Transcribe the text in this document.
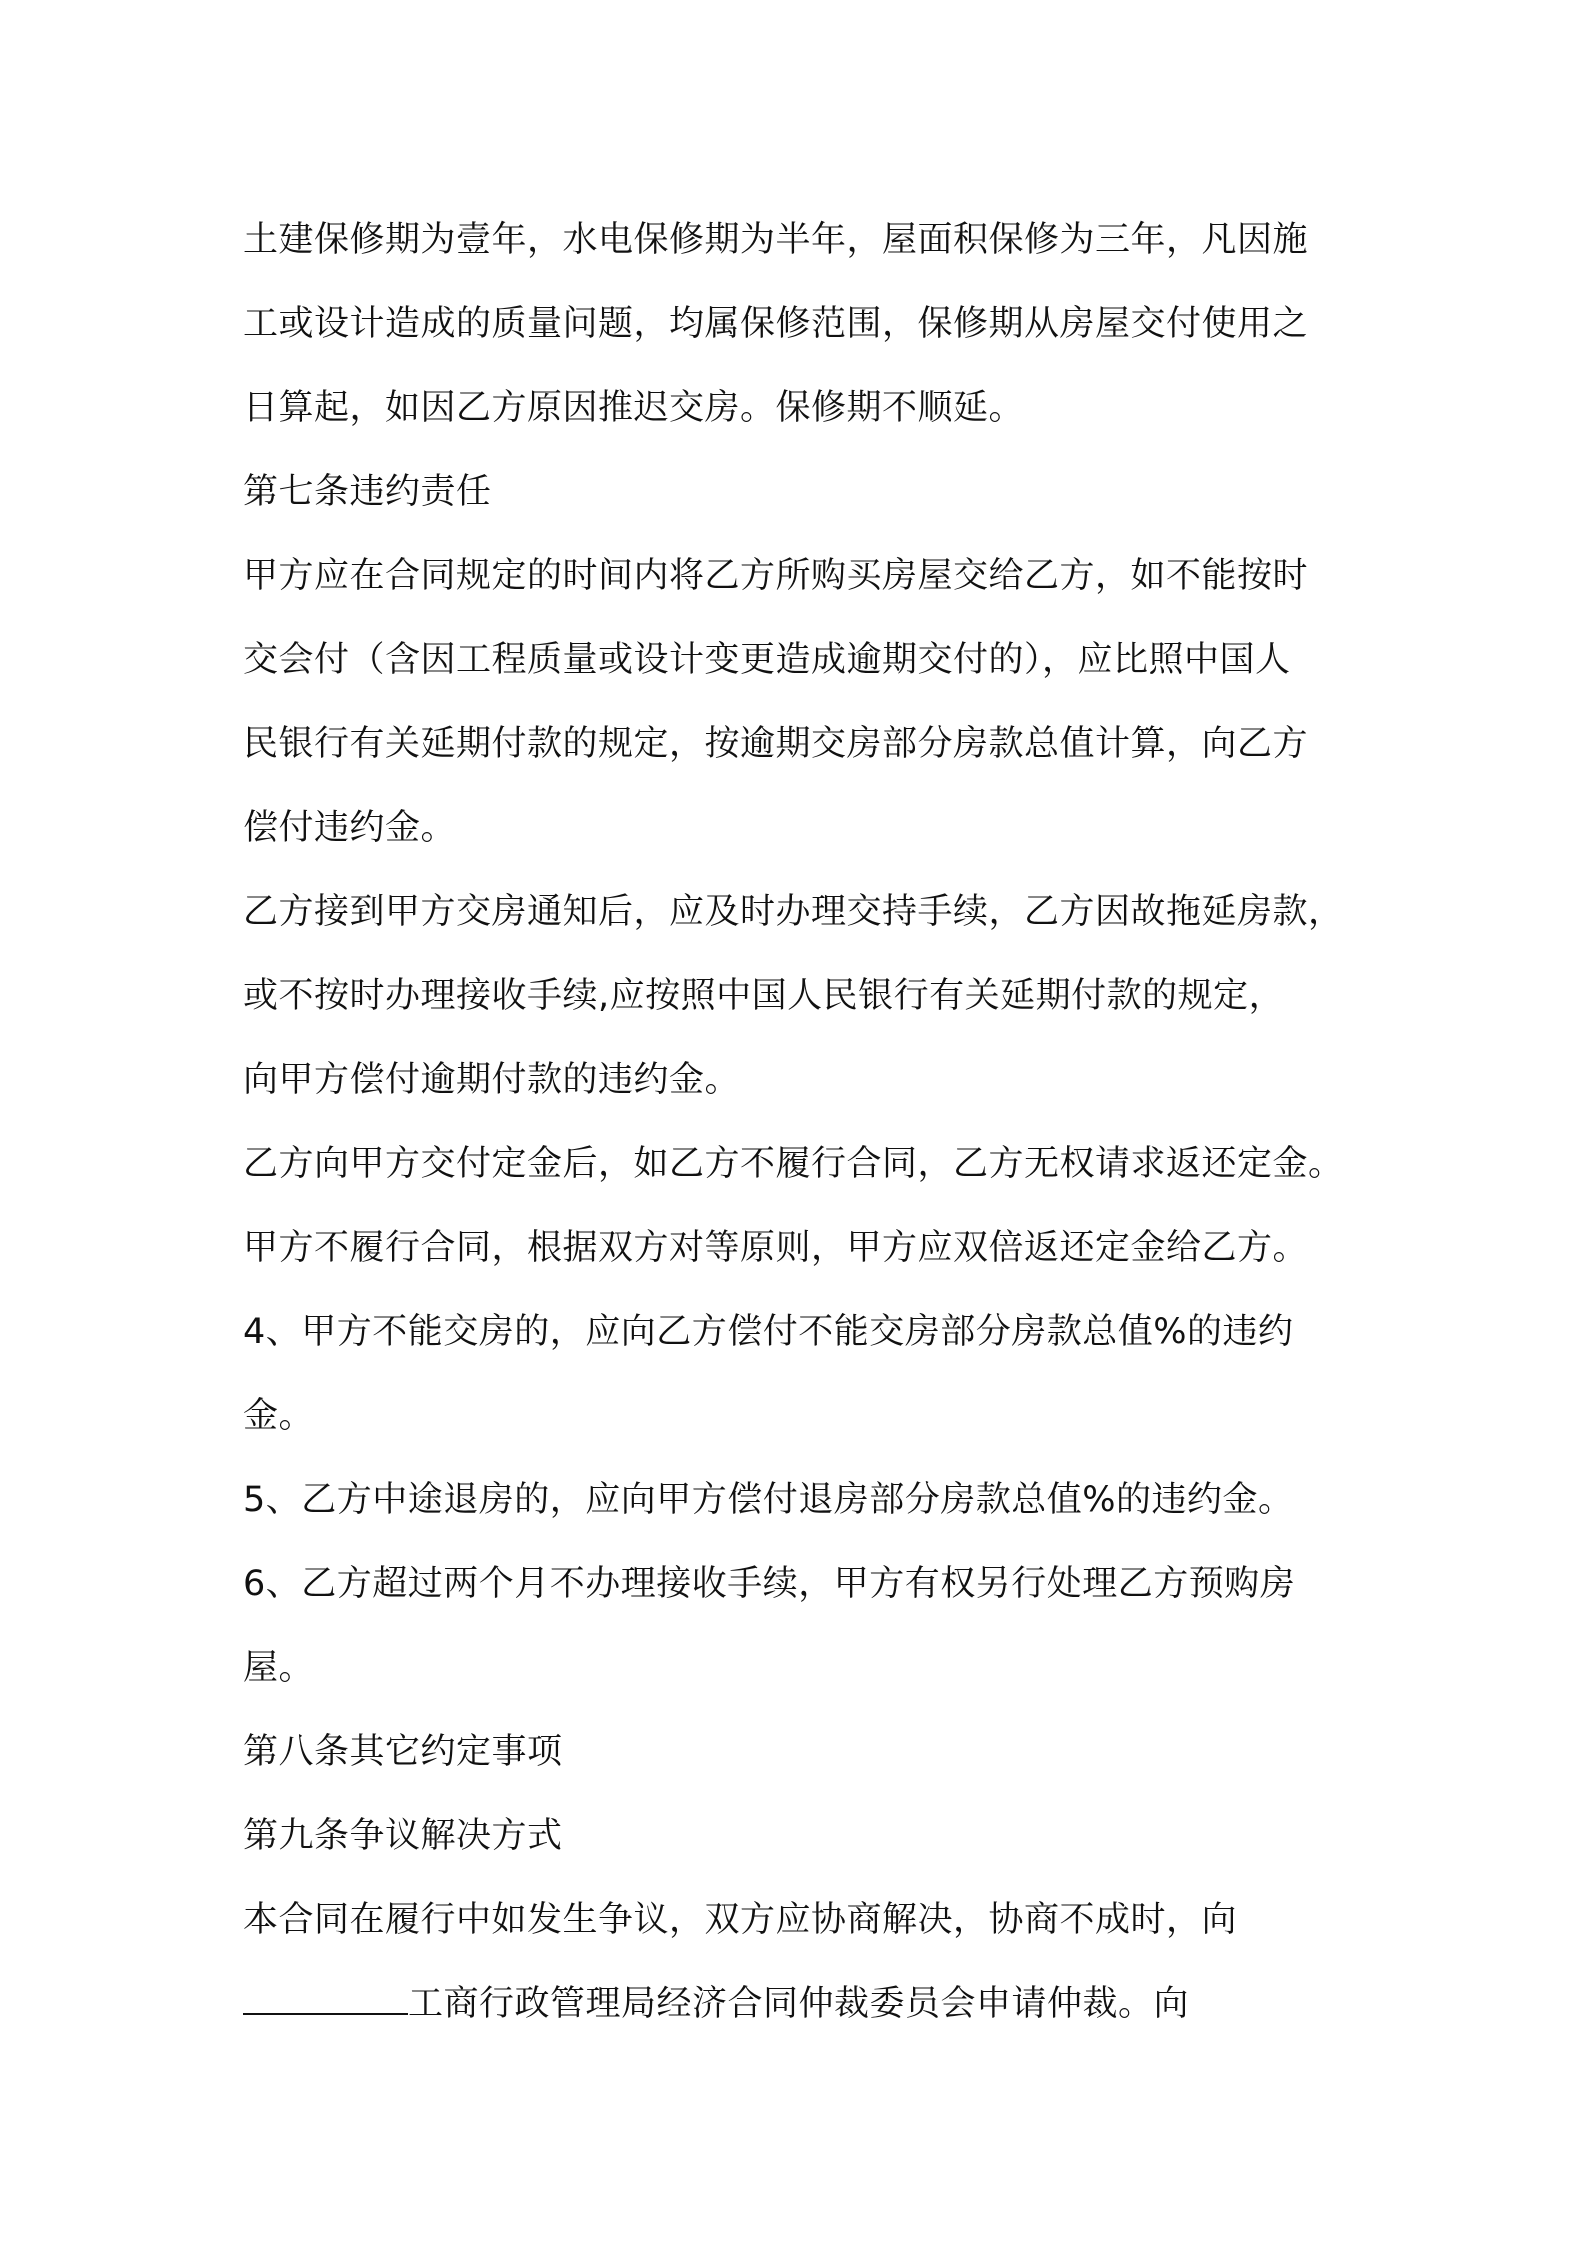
土建保修期为壹年，水电保修期为半年，屋面积保修为三年，凡因施
工或设计造成的质量问题，均属保修范围，保修期从房屋交付使用之
日算起，如因乙方原因推迟交房。保修期不顺延。
第七条违约责任
甲方应在合同规定的时间内将乙方所购买房屋交给乙方，如不能按时
交会付（含因工程质量或设计变更造成逾期交付的），应比照中国人
民银行有关延期付款的规定，按逾期交房部分房款总值计算，向乙方
偿付违约金。
乙方接到甲方交房通知后，应及时办理交持手续，乙方因故拖延房款，
或不按时办理接收手续,应按照中国人民银行有关延期付款的规定，
向甲方偿付逾期付款的违约金。
乙方向甲方交付定金后，如乙方不履行合同，乙方无权请求返还定金。
甲方不履行合同，根据双方对等原则，甲方应双倍返还定金给乙方。
4、甲方不能交房的，应向乙方偿付不能交房部分房款总值%的违约
金。
5、乙方中途退房的，应向甲方偿付退房部分房款总值%的违约金。
6、乙方超过两个月不办理接收手续，甲方有权另行处理乙方预购房
屋。
第八条其它约定事项
第九条争议解决方式
本合同在履行中如发生争议，双方应协商解决，协商不成时，向
工商行政管理局经济合同仲裁委员会申请仲裁。向
